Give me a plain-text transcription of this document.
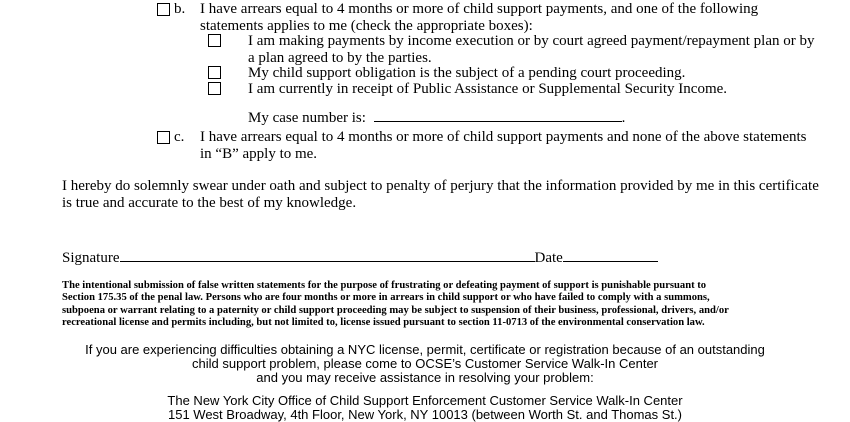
b. I have arrears equal to 4 months or more of child support payments, and one of the following
statements applies to me (check the appropriate boxes):
I am making payments by income execution or by court agreed payment/repayment plan or by
a plan agreed to by the parties.
My child support obligation is the subject of a pending court proceeding.
I am currently in receipt of Public Assistance or Supplemental Security Income.
My case number is:	.
c. I have arrears equal to 4 months or more of child support payments and none of the above statements
in “B” apply to me.
I hereby do solemnly swear under oath and subject to penalty of perjury that the information provided by me in this certificate
is true and accurate to the best of my knowledge.
Signature	Date
The intentional submission of false written statements for the purpose of frustrating or defeating payment of support is punishable pursuant to
Section 175.35 of the penal law. Persons who are four months or more in arrears in child support or who have failed to comply with a summons,
subpoena or warrant relating to a paternity or child support proceeding may be subject to suspension of their business, professional, drivers, and/or
recreational license and permits including, but not limited to, license issued pursuant to section 11-0713 of the environmental conservation law.
If you are experiencing difficulties obtaining a NYC license, permit, certificate or registration because of an outstanding
child support problem, please come to OCSE’s Customer Service Walk-In Center
and you may receive assistance in resolving your problem:
The New York City Office of Child Support Enforcement Customer Service Walk-In Center
151 West Broadway, 4th Floor, New York, NY 10013 (between Worth St. and Thomas St.)
